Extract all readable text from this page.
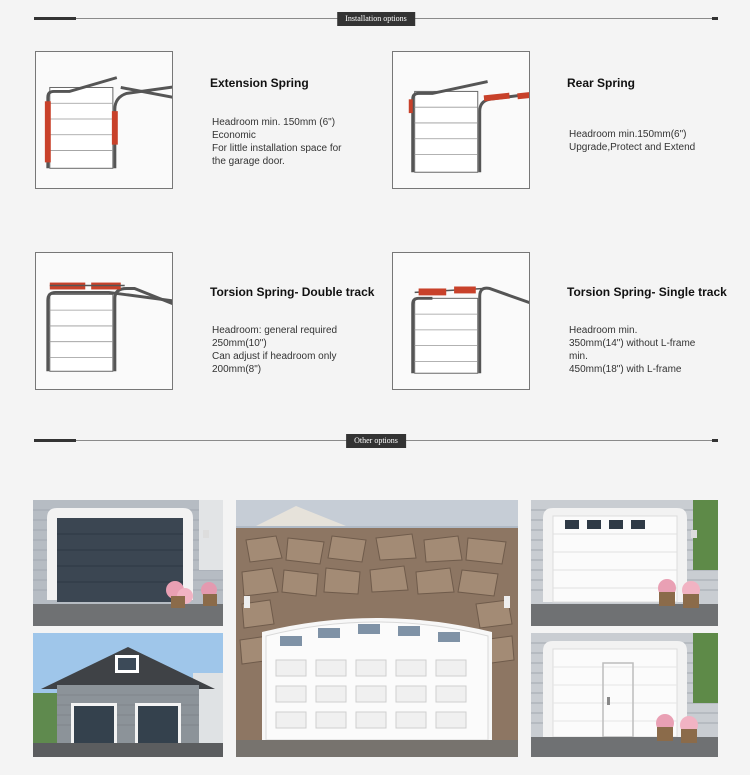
Installation options
Extension Spring
Headroom min. 150mm (6")
Economic
For little installation space for
the garage door.
Rear Spring
Headroom min.150mm(6")
Upgrade,Protect and Extend
Torsion Spring- Double track
Headroom: general required
250mm(10")
Can adjust if headroom only
200mm(8")
Torsion Spring- Single track
Headroom min.
350mm(14") without L-frame
min.
450mm(18") with L-frame
Other options
